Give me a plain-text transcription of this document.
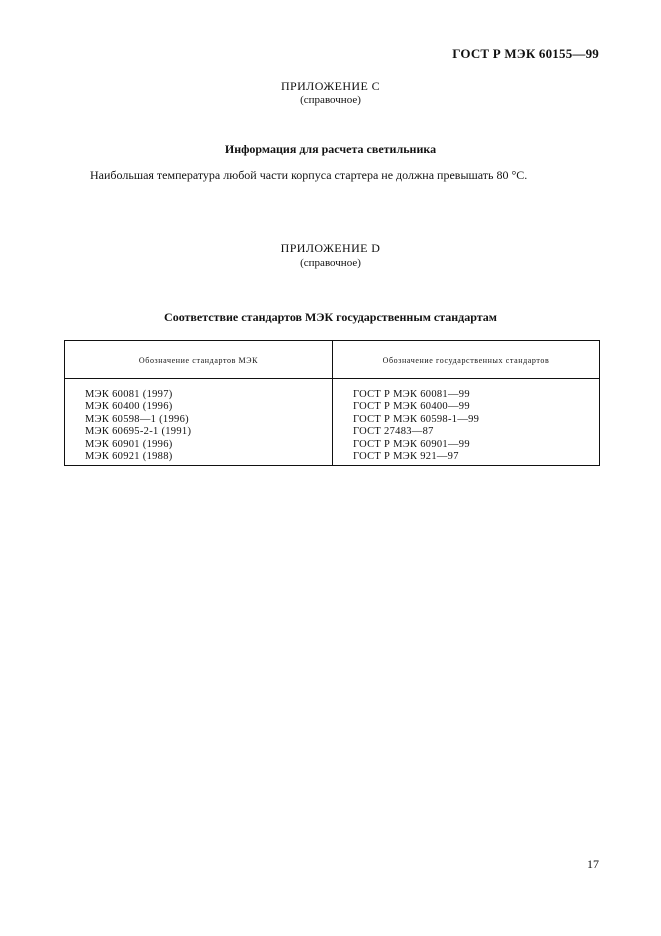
ГОСТ Р МЭК 60155—99
ПРИЛОЖЕНИЕ С
(справочное)
Информация для расчета светильника
Наибольшая температура любой части корпуса стартера не должна превышать 80 °С.
ПРИЛОЖЕНИЕ D
(справочное)
Соответствие стандартов МЭК государственным стандартам
Обозначение стандартов МЭК	Обозначение государственных стандартов
МЭК 60081 (1997)
МЭК 60400 (1996)
МЭК 60598—1 (1996)
МЭК 60695-2-1 (1991)
МЭК 60901 (1996)
МЭК 60921 (1988)
ГОСТ Р МЭК 60081—99
ГОСТ Р МЭК 60400—99
ГОСТ Р МЭК 60598-1—99
ГОСТ 27483—87
ГОСТ Р МЭК 60901—99
ГОСТ Р МЭК 921—97
17
